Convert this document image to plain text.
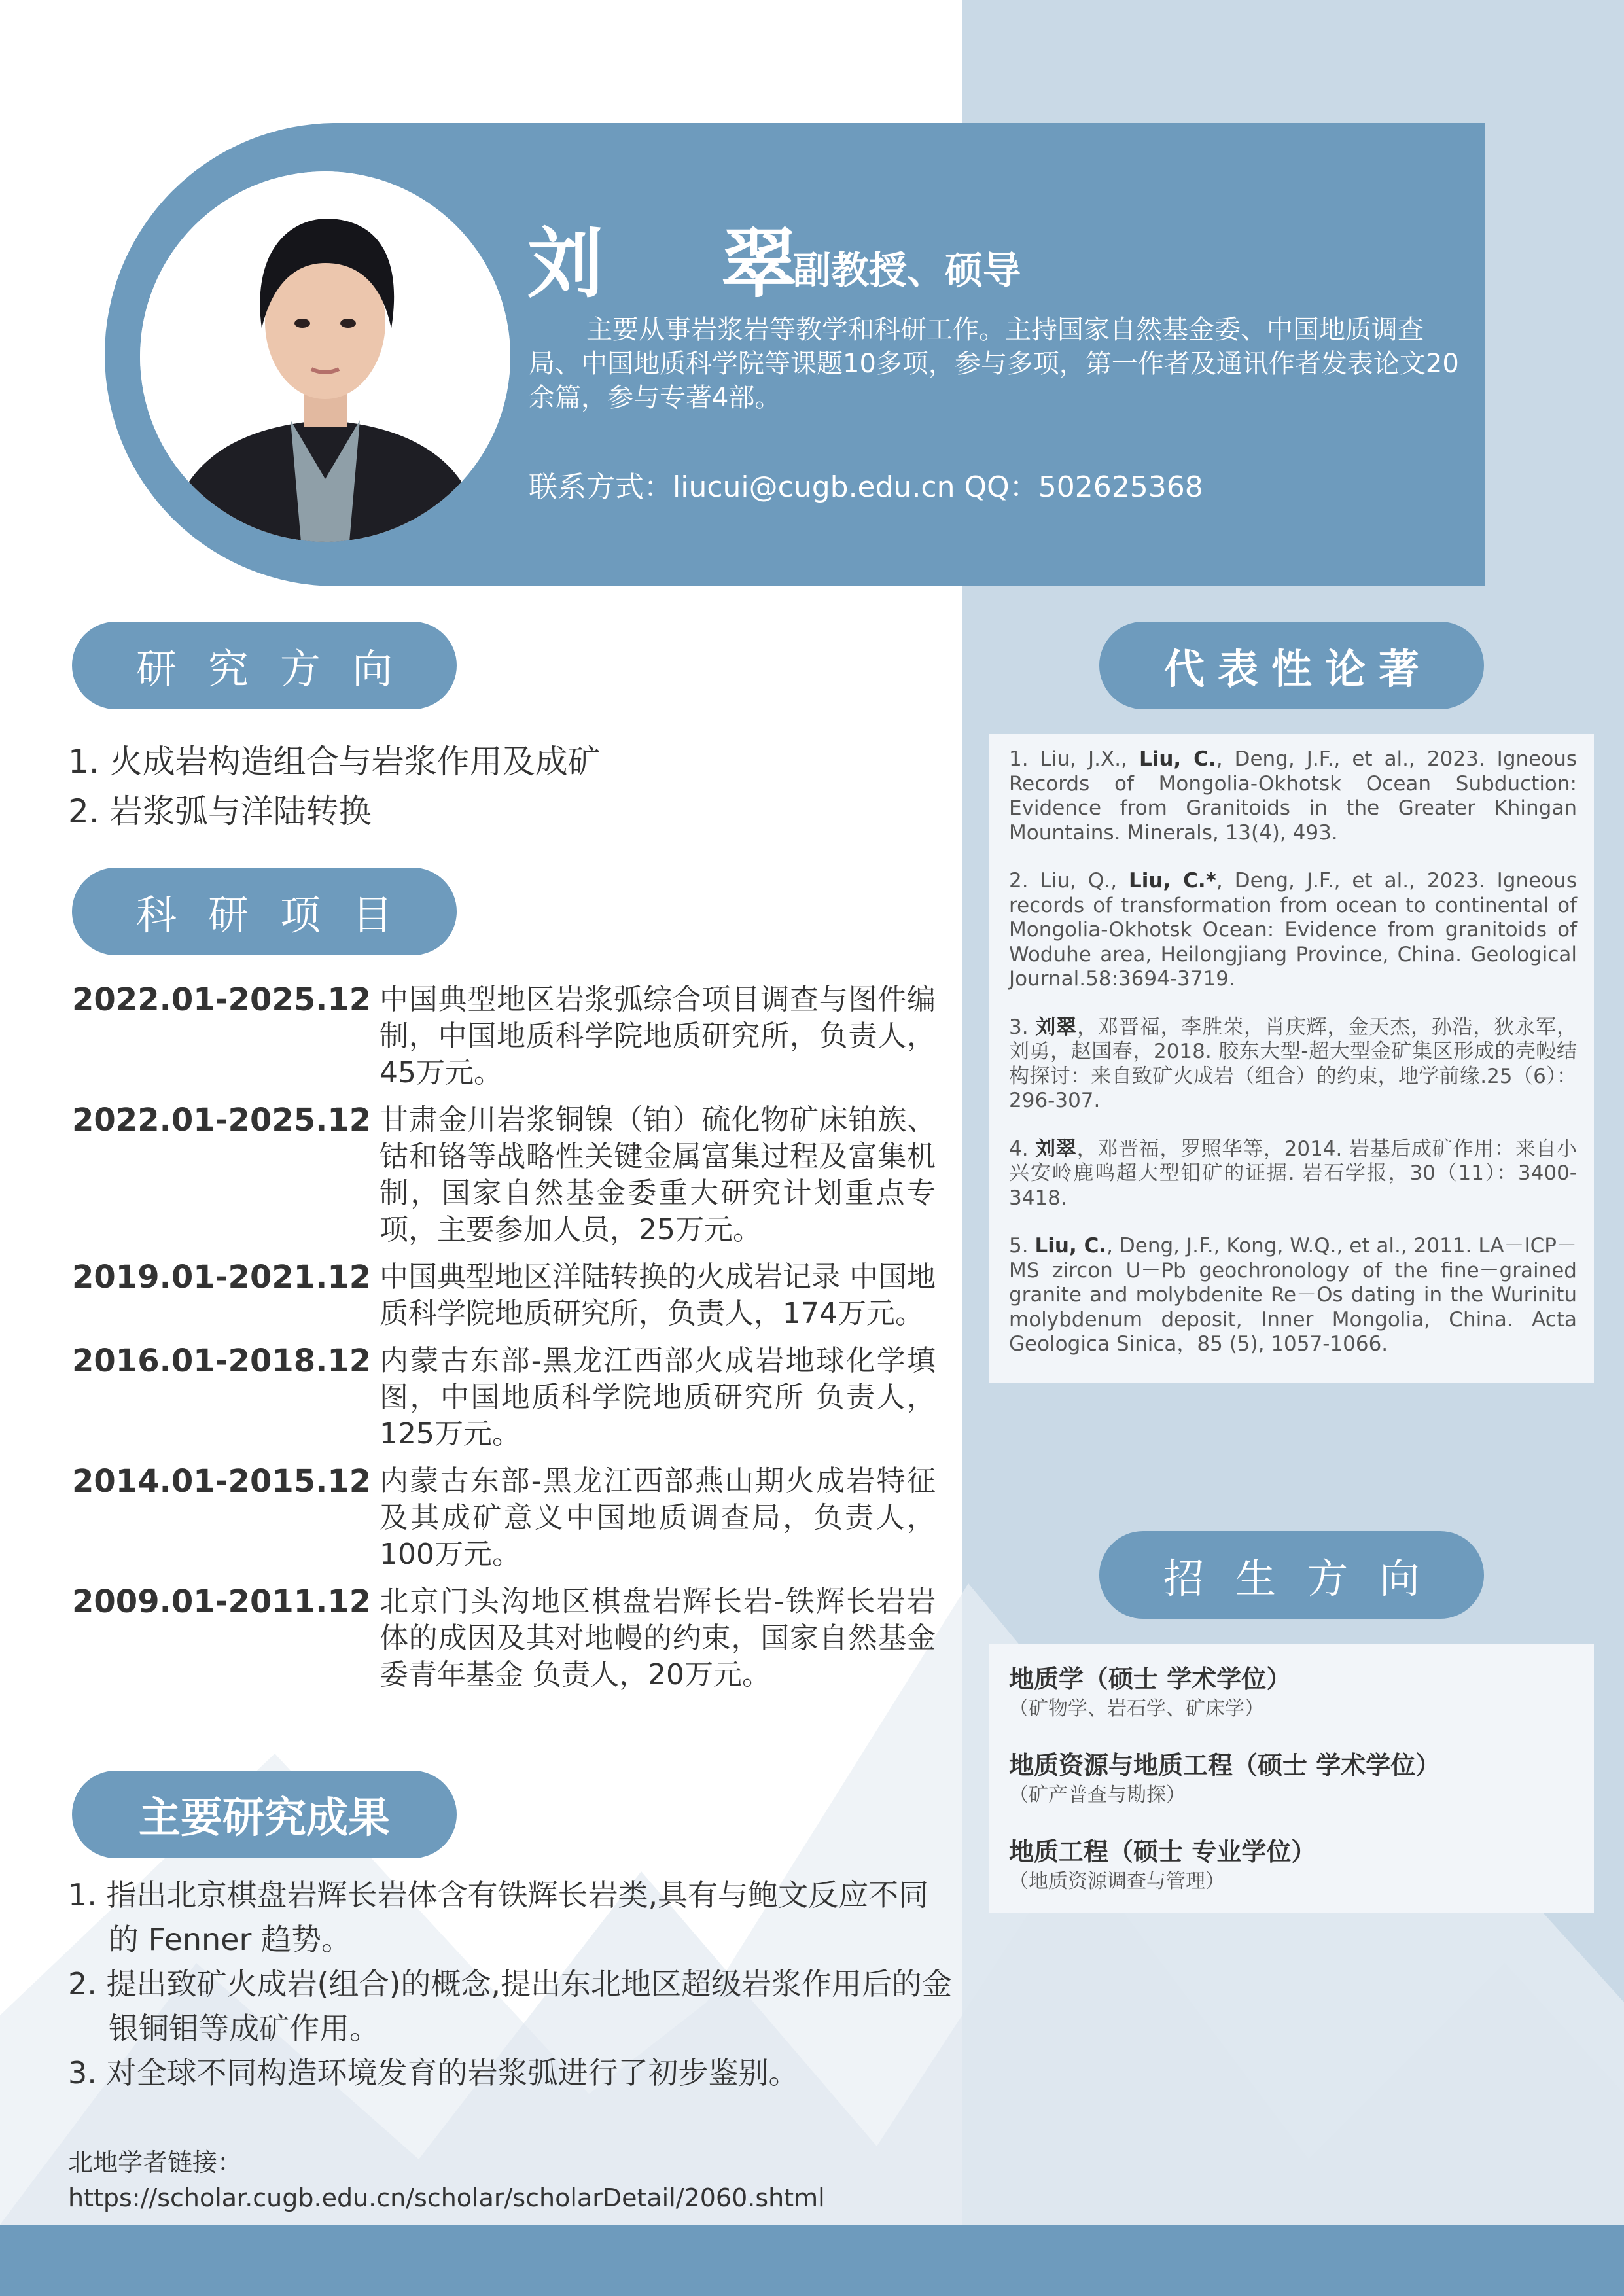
刘 翠
副教授、硕导
主要从事岩浆岩等教学和科研工作。主持国家自然基金委、中国地质调查局、中国地质科学院等课题10多项，参与多项，第一作者及通讯作者发表论文20余篇，参与专著4部。
联系方式：liucui@cugb.edu.cn QQ：502625368
研究方向
1. 火成岩构造组合与岩浆作用及成矿
2. 岩浆弧与洋陆转换
科研项目
2022.01-2025.12 中国典型地区岩浆弧综合项目调查与图件编制，中国地质科学院地质研究所，负责人，45万元。
2022.01-2025.12 甘肃金川岩浆铜镍（铂）硫化物矿床铂族、钴和铬等战略性关键金属富集过程及富集机制，国家自然基金委重大研究计划重点专项，主要参加人员，25万元。
2019.01-2021.12 中国典型地区洋陆转换的火成岩记录 中国地质科学院地质研究所，负责人，174万元。
2016.01-2018.12 内蒙古东部-黑龙江西部火成岩地球化学填图，中国地质科学院地质研究所 负责人，125万元。
2014.01-2015.12 内蒙古东部-黑龙江西部燕山期火成岩特征及其成矿意义中国地质调查局，负责人，100万元。
2009.01-2011.12 北京门头沟地区棋盘岩辉长岩-铁辉长岩岩体的成因及其对地幔的约束，国家自然基金委青年基金 负责人，20万元。
主要研究成果
1. 指出北京棋盘岩辉长岩体含有铁辉长岩类,具有与鲍文反应不同的 Fenner 趋势。
2. 提出致矿火成岩(组合)的概念,提出东北地区超级岩浆作用后的金银铜钼等成矿作用。
3. 对全球不同构造环境发育的岩浆弧进行了初步鉴别。
北地学者链接：
https://scholar.cugb.edu.cn/scholar/scholarDetail/2060.shtml
代表性论著
1. Liu, J.X., Liu, C., Deng, J.F., et al., 2023. Igneous Records of Mongolia-Okhotsk Ocean Subduction: Evidence from Granitoids in the Greater Khingan Mountains. Minerals, 13(4), 493.
2. Liu, Q., Liu, C.*, Deng, J.F., et al., 2023. Igneous records of transformation from ocean to continental of Mongolia-Okhotsk Ocean: Evidence from granitoids of Woduhe area, Heilongjiang Province, China. Geological Journal.58:3694-3719.
3. 刘翠，邓晋福，李胜荣，肖庆辉，金天杰，孙浩，狄永军，刘勇，赵国春，2018. 胶东大型-超大型金矿集区形成的壳幔结构探讨：来自致矿火成岩（组合）的约束，地学前缘.25（6）：296-307.
4. 刘翠，邓晋福，罗照华等，2014. 岩基后成矿作用：来自小兴安岭鹿鸣超大型钼矿的证据. 岩石学报，30（11）：3400-3418.
5. Liu, C., Deng, J.F., Kong, W.Q., et al., 2011. LA－ICP－MS zircon U－Pb geochronology of the fine－grained granite and molybdenite Re－Os dating in the Wurinitu molybdenum deposit, Inner Mongolia, China. Acta Geologica Sinica，85 (5), 1057-1066.
招生方向
地质学（硕士 学术学位）
（矿物学、岩石学、矿床学）
地质资源与地质工程（硕士 学术学位）
（矿产普查与勘探）
地质工程（硕士 专业学位）
（地质资源调查与管理）
